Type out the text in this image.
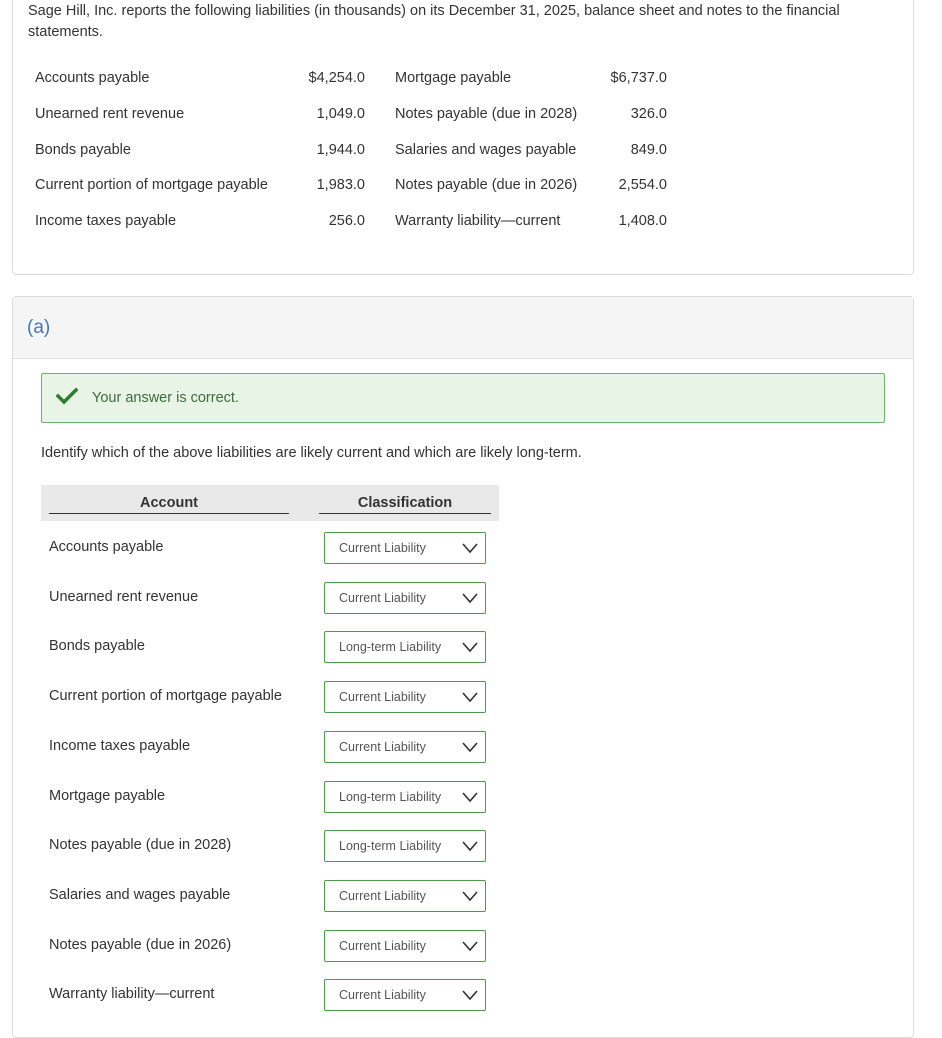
Sage Hill, Inc. reports the following liabilities (in thousands) on its December 31, 2025, balance sheet and notes to the financial statements.
Accounts payable	$4,254.0 Mortgage payable	$6,737.0
Unearned rent revenue	1,049.0 Notes payable (due in 2028)	326.0
Bonds payable	1,944.0 Salaries and wages payable	849.0
Current portion of mortgage payable	1,983.0 Notes payable (due in 2026)	2,554.0
Income taxes payable	256.0 Warranty liability—current	1,408.0
(a)
Your answer is correct.
Identify which of the above liabilities are likely current and which are likely long-term.
Account	Classification
Accounts payable	Current Liability
Unearned rent revenue	Current Liability
Bonds payable	Long-term Liability
Current portion of mortgage payable	Current Liability
Income taxes payable	Current Liability
Mortgage payable	Long-term Liability
Notes payable (due in 2028)	Long-term Liability
Salaries and wages payable	Current Liability
Notes payable (due in 2026)	Current Liability
Warranty liability—current	Current Liability
